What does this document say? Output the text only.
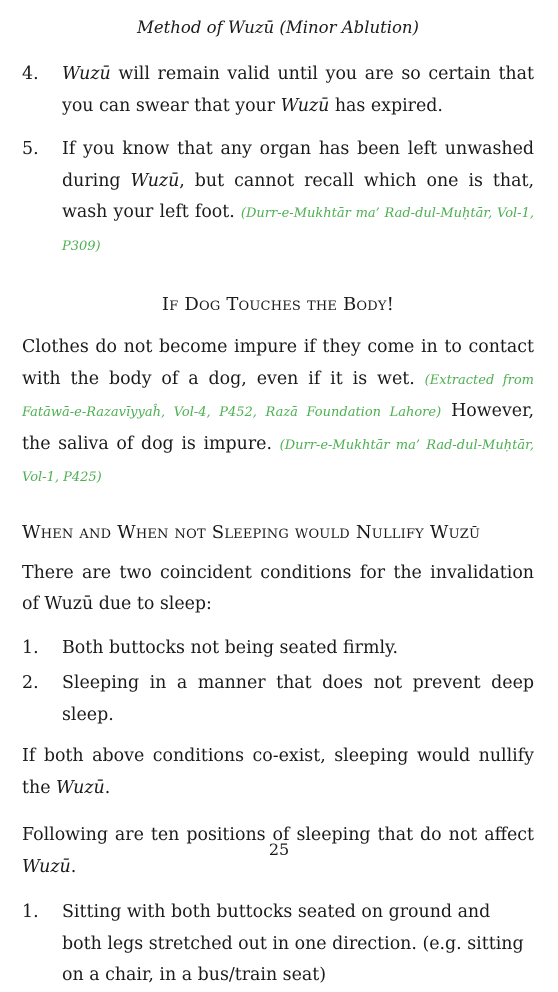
Method of Wuzū (Minor Ablution)
4.	Wuzū will remain valid until you are so certain that you can swear that your Wuzū has expired.
5.	If you know that any organ has been left unwashed during Wuzū, but cannot recall which one is that, wash your left foot. (Durr-e-Mukhtār ma’ Rad-dul-Muḥtār, Vol-1, P309)
If Dog Touches the Body!
Clothes do not become impure if they come in to contact with the body of a dog, even if it is wet. (Extracted from Fatāwā-e-Razavīyyaĥ, Vol-4, P452, Razā Foundation Lahore) However, the saliva of dog is impure. (Durr-e-Mukhtār ma’ Rad-dul-Muḥtār, Vol-1, P425)
When and When not Sleeping would Nullify Wuzū
There are two coincident conditions for the invalidation of Wuzū due to sleep:
1.	Both buttocks not being seated firmly.
2.	Sleeping in a manner that does not prevent deep sleep.
If both above conditions co-exist, sleeping would nullify the Wuzū.
Following are ten positions of sleeping that do not affect Wuzū.
1.	Sitting with both buttocks seated on ground and both legs stretched out in one direction. (e.g. sitting on a chair, in a bus/train seat)
25
